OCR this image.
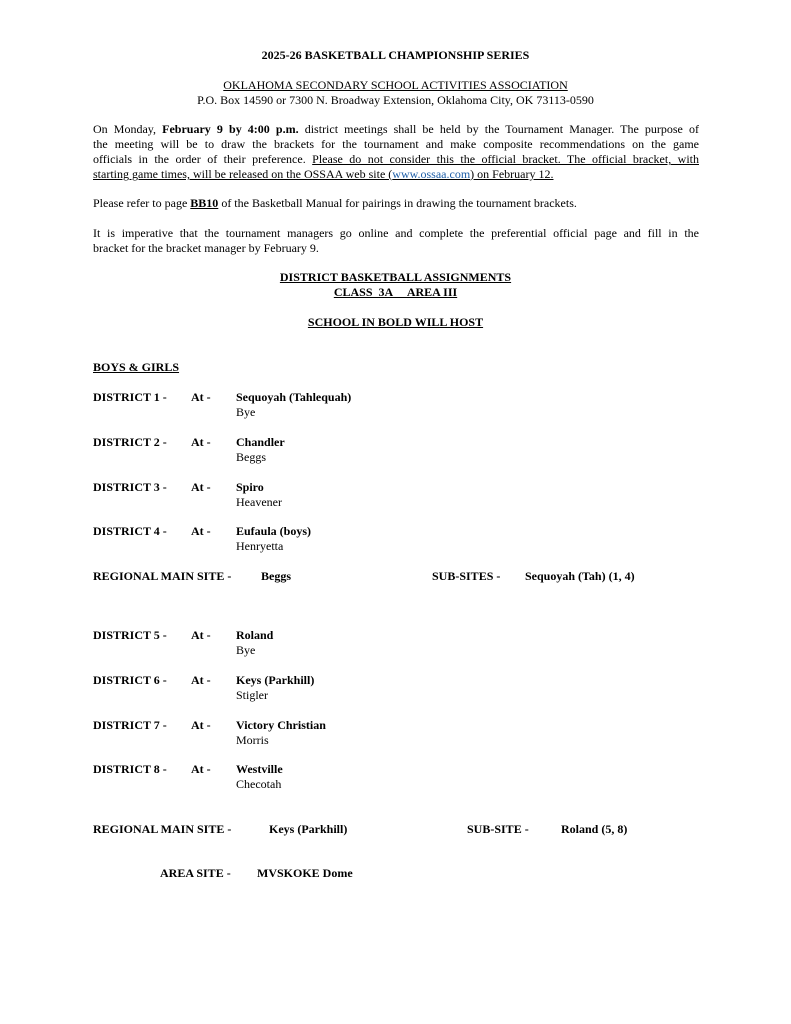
2025-26 BASKETBALL CHAMPIONSHIP SERIES
OKLAHOMA SECONDARY SCHOOL ACTIVITIES ASSOCIATION
P.O. Box 14590 or 7300 N. Broadway Extension, Oklahoma City, OK 73113-0590
On Monday, February 9 by 4:00 p.m. district meetings shall be held by the Tournament Manager. The purpose of
the meeting will be to draw the brackets for the tournament and make composite recommendations on the game
officials in the order of their preference. Please do not consider this the official bracket. The official bracket, with
starting game times, will be released on the OSSAA web site (www.ossaa.com) on February 12.
Please refer to page BB10 of the Basketball Manual for pairings in drawing the tournament brackets.
It is imperative that the tournament managers go online and complete the preferential official page and fill in the
bracket for the bracket manager by February 9.
DISTRICT BASKETBALL ASSIGNMENTS
CLASS  3A     AREA III
SCHOOL IN BOLD WILL HOST
BOYS & GIRLS
DISTRICT 1 - At - Sequoyah (Tahlequah)
Bye
DISTRICT 2 - At - Chandler
Beggs
DISTRICT 3 - At - Spiro
Heavener
DISTRICT 4 - At - Eufaula (boys)
Henryetta
REGIONAL MAIN SITE - Beggs	SUB-SITES - Sequoyah (Tah) (1, 4)
DISTRICT 5 - At - Roland
Bye
DISTRICT 6 - At - Keys (Parkhill)
Stigler
DISTRICT 7 - At - Victory Christian
Morris
DISTRICT 8 - At - Westville
Checotah
REGIONAL MAIN SITE -	Keys (Parkhill)	SUB-SITE -	Roland (5, 8)
AREA SITE - MVSKOKE Dome
